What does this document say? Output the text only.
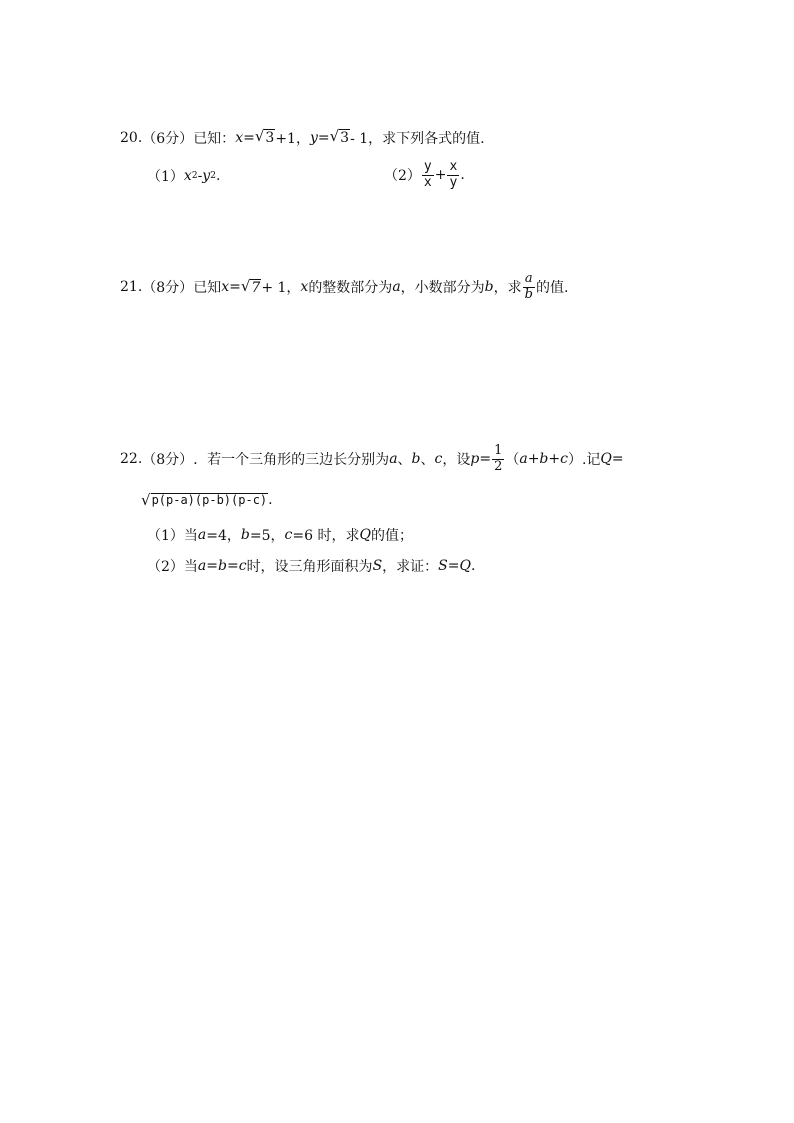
20. （6分） 已知： x = √ 3 +1， y = √ 3 - 1，求下列各式的值.
（1） x 2 - y 2 .	$(2) \frac{y}{x} + \frac{x}{y}$ .
21. （8分） 已知 x = √ 7 + 1， x 的整数部分为 a ，小数部分为 b ，求 $\frac{a}{b}$ 的值.
22. （8分） ．若一个三角形的三边长分别为 a 、 b 、 c ，设 $p = \frac{1}{2}$ （ a+b+c ）. 记 Q =
√ p(p-a)(p-b)(p-c) .
（1）当 a =4， b =5， c =6 时，求 Q 的值；
（2）当 a = b = c 时，设三角形面积为 S ，求证： S = Q .
